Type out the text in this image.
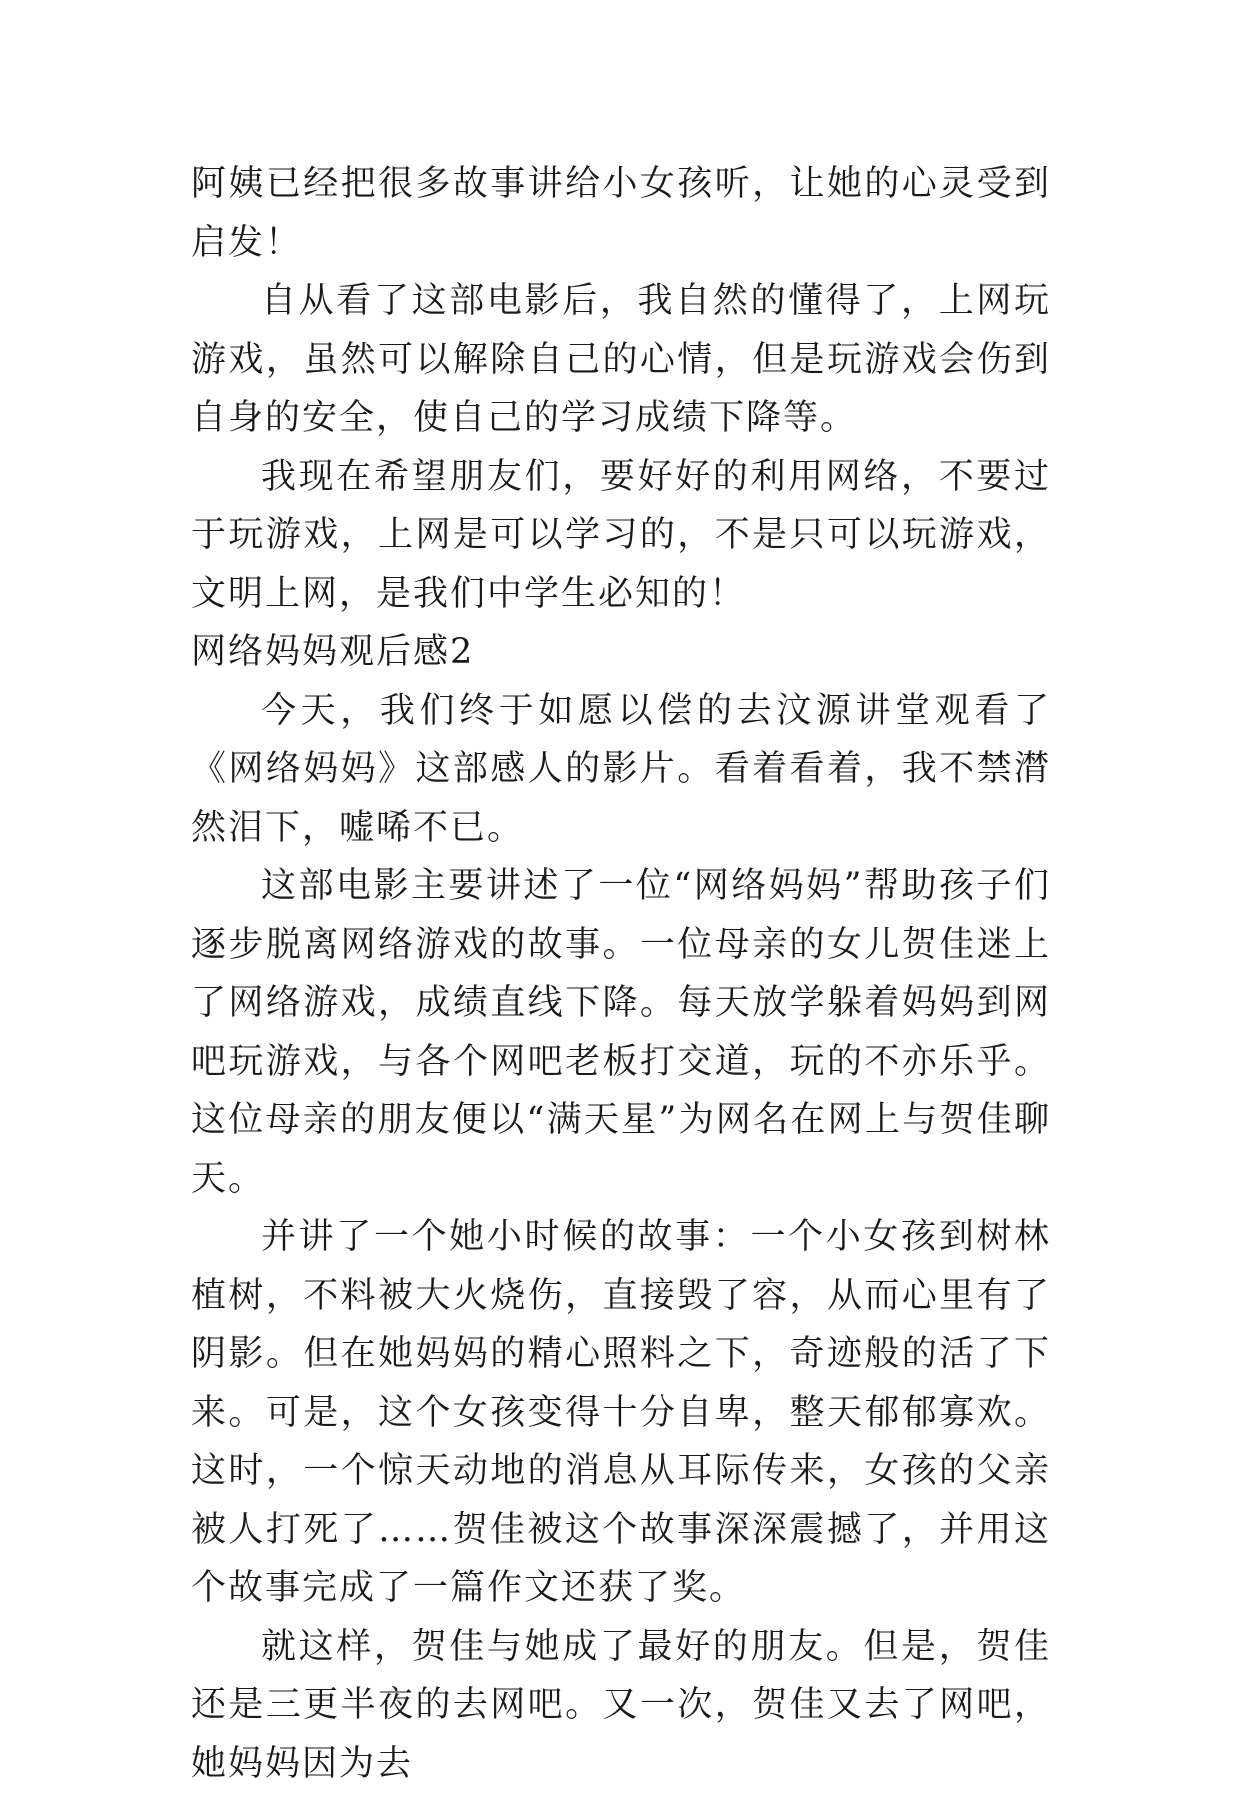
阿姨已经把很多故事讲给小女孩听，让她的心灵受到启发！

自从看了这部电影后，我自然的懂得了，上网玩游戏，虽然可以解除自己的心情，但是玩游戏会伤到自身的安全，使自己的学习成绩下降等。

我现在希望朋友们，要好好的利用网络，不要过于玩游戏，上网是可以学习的，不是只可以玩游戏，文明上网，是我们中学生必知的！

网络妈妈观后感2

今天，我们终于如愿以偿的去汶源讲堂观看了《网络妈妈》这部感人的影片。看着看着，我不禁潸然泪下，嘘唏不已。

这部电影主要讲述了一位“网络妈妈”帮助孩子们逐步脱离网络游戏的故事。一位母亲的女儿贺佳迷上了网络游戏，成绩直线下降。每天放学躲着妈妈到网吧玩游戏，与各个网吧老板打交道，玩的不亦乐乎。这位母亲的朋友便以“满天星”为网名在网上与贺佳聊天。

并讲了一个她小时候的故事：一个小女孩到树林植树，不料被大火烧伤，直接毁了容，从而心里有了阴影。但在她妈妈的精心照料之下，奇迹般的活了下来。可是，这个女孩变得十分自卑，整天郁郁寡欢。这时，一个惊天动地的消息从耳际传来，女孩的父亲被人打死了……贺佳被这个故事深深震撼了，并用这个故事完成了一篇作文还获了奖。

就这样，贺佳与她成了最好的朋友。但是，贺佳还是三更半夜的去网吧。又一次，贺佳又去了网吧，她妈妈因为去
